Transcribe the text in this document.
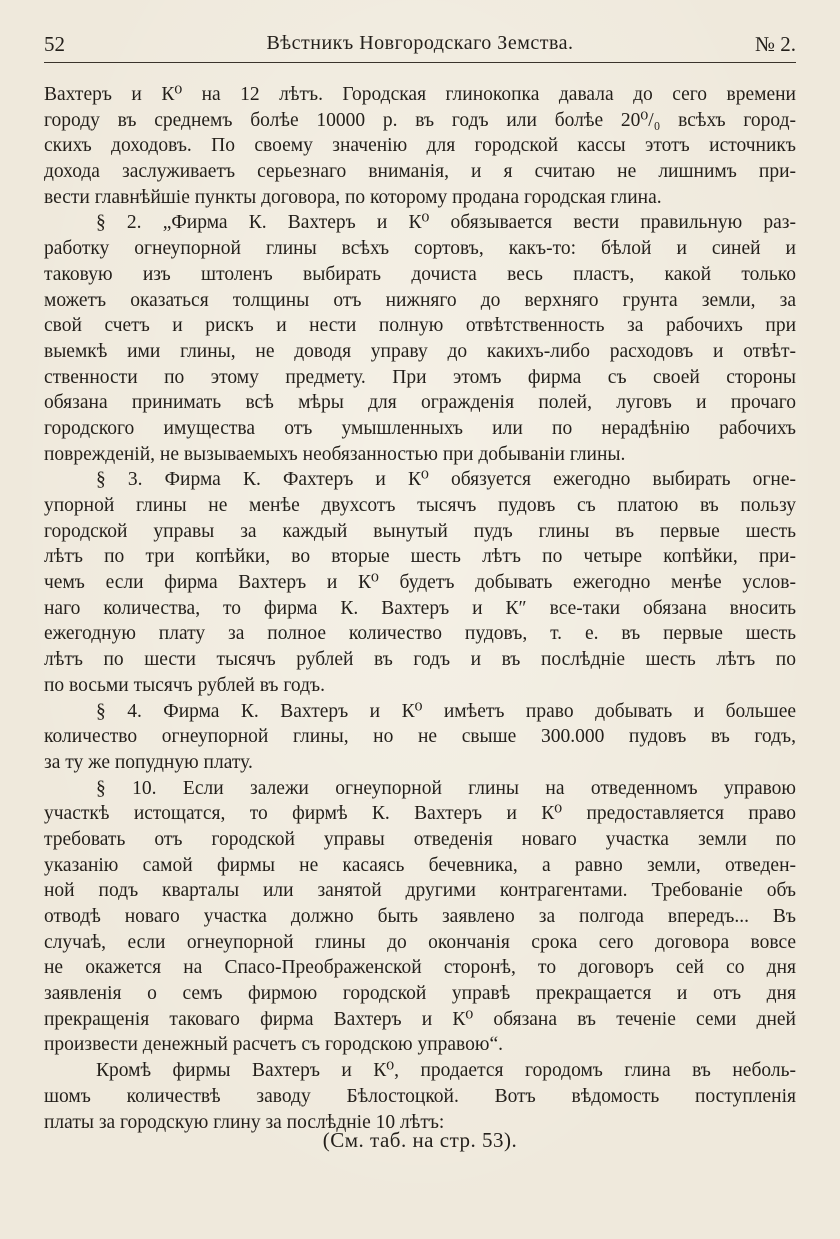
52	Вѣстникъ Новгородскаго Земства.	№ 2.
Вахтеръ и К⁰ на 12 лѣтъ. Городская глинокопка давала до сего времени
городу въ среднемъ болѣе 10000 р. въ годъ или болѣе 20⁰/₀ всѣхъ город-
скихъ доходовъ. По своему значенію для городской кассы этотъ источникъ
дохода заслуживаетъ серьезнаго вниманія, и я считаю не лишнимъ при-
вести главнѣйшіе пункты договора, по которому продана городская глина.
§ 2. „Фирма К. Вахтеръ и К⁰ обязывается вести правильную раз-
работку огнеупорной глины всѣхъ сортовъ, какъ-то: бѣлой и синей и
таковую изъ штоленъ выбирать дочиста весь пластъ, какой только
можетъ оказаться толщины отъ нижняго до верхняго грунта земли, за
свой счетъ и рискъ и нести полную отвѣтственность за рабочихъ при
выемкѣ ими глины, не доводя управу до какихъ-либо расходовъ и отвѣт-
ственности по этому предмету. При этомъ фирма съ своей стороны
обязана принимать всѣ мѣры для огражденія полей, луговъ и прочаго
городского имущества отъ умышленныхъ или по нерадѣнію рабочихъ
поврежденій, не вызываемыхъ необязанностью при добываніи глины.
§ 3. Фирма К. Фахтеръ и К⁰ обязуется ежегодно выбирать огне-
упорной глины не менѣе двухсотъ тысячъ пудовъ съ платою въ пользу
городской управы за каждый вынутый пудъ глины въ первые шесть
лѣтъ по три копѣйки, во вторые шесть лѣтъ по четыре копѣйки, при-
чемъ если фирма Вахтеръ и К⁰ будетъ добывать ежегодно менѣе услов-
наго количества, то фирма К. Вахтеръ и К″ все-таки обязана вносить
ежегодную плату за полное количество пудовъ, т. е. въ первые шесть
лѣтъ по шести тысячъ рублей въ годъ и въ послѣдніе шесть лѣтъ по
по восьми тысячъ рублей въ годъ.
§ 4. Фирма К. Вахтеръ и К⁰ имѣетъ право добывать и большее
количество огнеупорной глины, но не свыше 300.000 пудовъ въ годъ,
за ту же попудную плату.
§ 10. Если залежи огнеупорной глины на отведенномъ управою
участкѣ истощатся, то фирмѣ К. Вахтеръ и К⁰ предоставляется право
требовать отъ городской управы отведенія новаго участка земли по
указанію самой фирмы не касаясь бечевника, а равно земли, отведен-
ной подъ кварталы или занятой другими контрагентами. Требованіе объ
отводѣ новаго участка должно быть заявлено за полгода впередъ... Въ
случаѣ, если огнеупорной глины до окончанія срока сего договора вовсе
не окажется на Спасо-Преображенской сторонѣ, то договоръ сей со дня
заявленія о семъ фирмою городской управѣ прекращается и отъ дня
прекращенія таковаго фирма Вахтеръ и К⁰ обязана въ теченіе семи дней
произвести денежный расчетъ съ городскою управою“.
Кромѣ фирмы Вахтеръ и К⁰, продается городомъ глина въ неболь-
шомъ количествѣ заводу Бѣлостоцкой. Вотъ вѣдомость поступленія
платы за городскую глину за послѣдніе 10 лѣтъ:
(См. таб. на стр. 53).
